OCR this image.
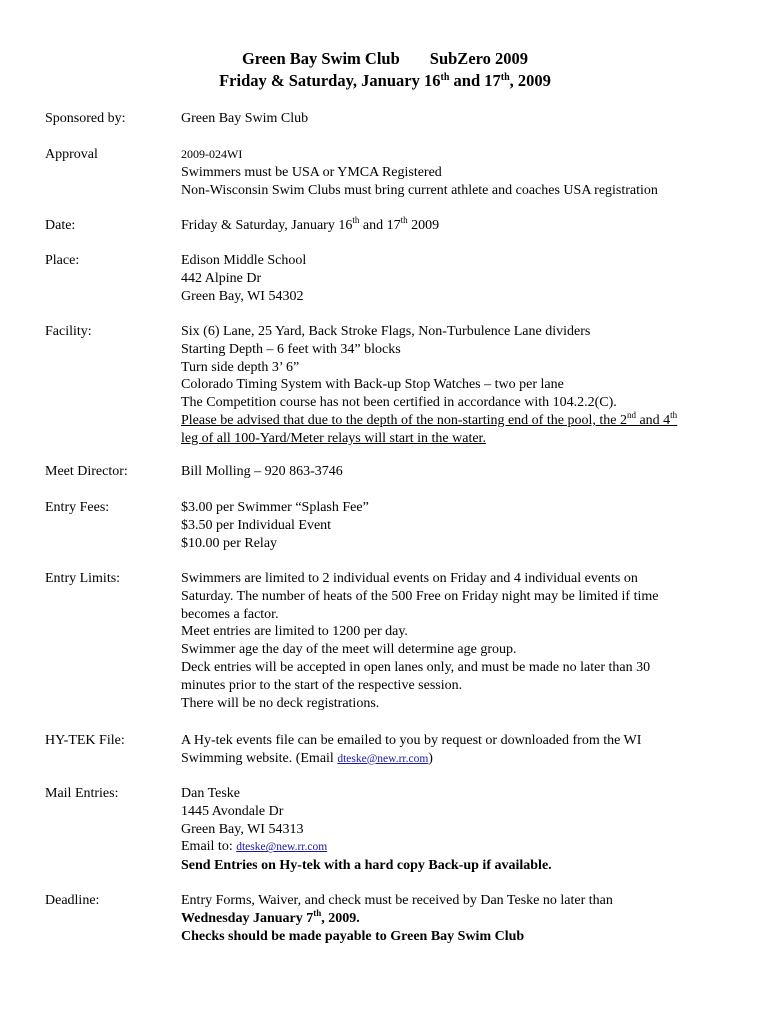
Green Bay Swim Club SubZero 2009
Friday & Saturday, January 16th and 17th, 2009
Sponsored by:	Green Bay Swim Club
Approval	2009-024WI
Swimmers must be USA or YMCA Registered
Non-Wisconsin Swim Clubs must bring current athlete and coaches USA registration
Date:	Friday & Saturday, January 16th and 17th 2009
Place:	Edison Middle School
442 Alpine Dr
Green Bay, WI 54302
Facility:	Six (6) Lane, 25 Yard, Back Stroke Flags, Non-Turbulence Lane dividers
Starting Depth – 6 feet with 34” blocks
Turn side depth 3’ 6”
Colorado Timing System with Back-up Stop Watches – two per lane
The Competition course has not been certified in accordance with 104.2.2(C).
Please be advised that due to the depth of the non-starting end of the pool, the 2nd and 4th
leg of all 100-Yard/Meter relays will start in the water.
Meet Director:	Bill Molling – 920 863-3746
Entry Fees:	$3.00 per Swimmer “Splash Fee”
$3.50 per Individual Event
$10.00 per Relay
Entry Limits:	Swimmers are limited to 2 individual events on Friday and 4 individual events on
Saturday. The number of heats of the 500 Free on Friday night may be limited if time
becomes a factor.
Meet entries are limited to 1200 per day.
Swimmer age the day of the meet will determine age group.
Deck entries will be accepted in open lanes only, and must be made no later than 30
minutes prior to the start of the respective session.
There will be no deck registrations.
HY-TEK File:	A Hy-tek events file can be emailed to you by request or downloaded from the WI
Swimming website. (Email dteske@new.rr.com)
Mail Entries:	Dan Teske
1445 Avondale Dr
Green Bay, WI 54313
Email to: dteske@new.rr.com
Send Entries on Hy-tek with a hard copy Back-up if available.
Deadline:	Entry Forms, Waiver, and check must be received by Dan Teske no later than
Wednesday January 7th, 2009.
Checks should be made payable to Green Bay Swim Club
